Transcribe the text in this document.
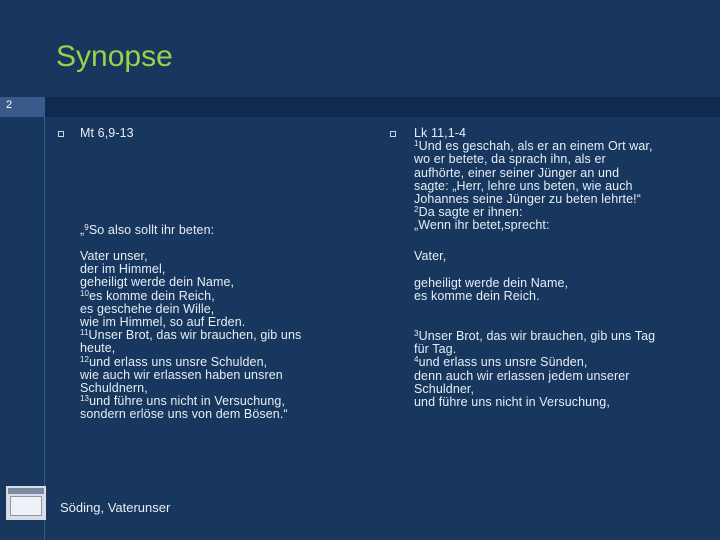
Synopse
2
Mt 6,9-13
„$^9$So also sollt ihr beten:
Vater unser,
der im Himmel,
geheiligt werde dein Name,
$^{10}$es komme dein Reich,
es geschehe dein Wille,
wie im Himmel, so auf Erden.
$^{11}$Unser Brot, das wir brauchen, gib uns
heute,
$^{12}$und erlass uns unsre Schulden,
wie auch wir erlassen haben unsren
Schuldnern,
$^{13}$und führe uns nicht in Versuchung,
sondern erlöse uns von dem Bösen.“
Lk 11,1-4
$^1$Und es geschah, als er an einem Ort war,
wo er betete, da sprach ihn, als er
aufhörte, einer seiner Jünger an und
sagte: „Herr, lehre uns beten, wie auch
Johannes seine Jünger zu beten lehrte!“
$^2$Da sagte er ihnen:
„Wenn ihr betet,sprecht:
Vater,
geheiligt werde dein Name,
es komme dein Reich.
$^3$Unser Brot, das wir brauchen, gib uns Tag
für Tag.
$^4$und erlass uns unsre Sünden,
denn auch wir erlassen jedem unserer
Schuldner,
und führe uns nicht in Versuchung,
Söding, Vaterunser
